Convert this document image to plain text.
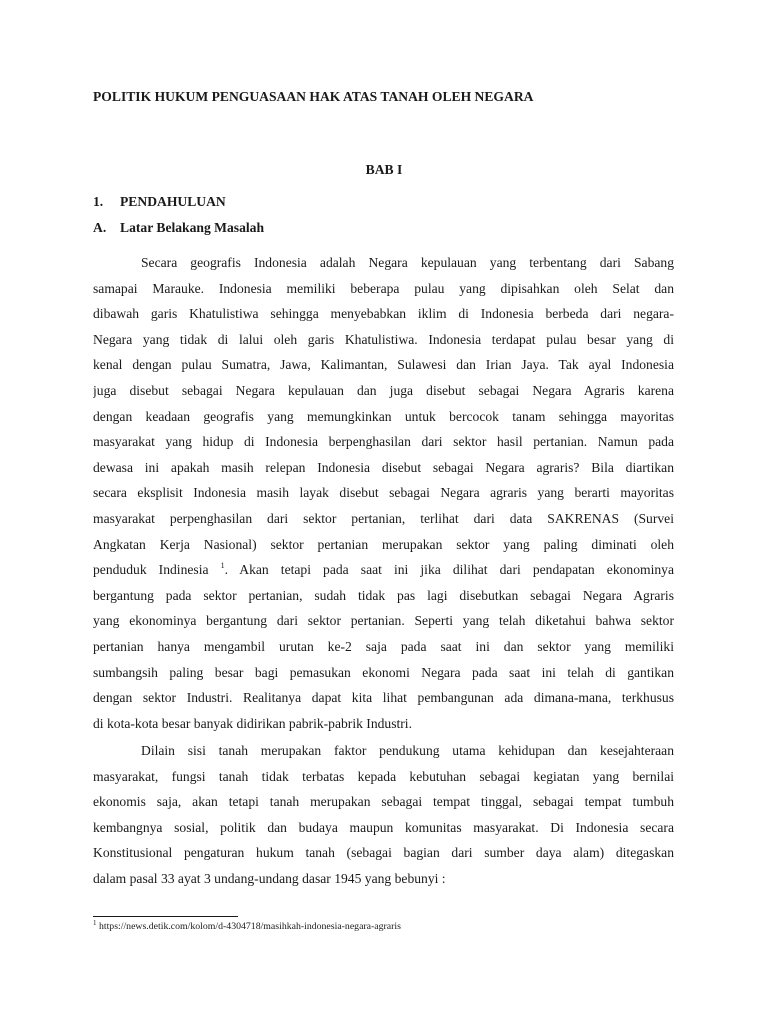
POLITIK HUKUM PENGUASAAN HAK ATAS TANAH OLEH NEGARA
BAB I
1. PENDAHULUAN
A. Latar Belakang Masalah
Secara geografis Indonesia adalah Negara kepulauan yang terbentang dari Sabang
samapai Marauke. Indonesia memiliki beberapa pulau yang dipisahkan oleh Selat dan
dibawah garis Khatulistiwa sehingga menyebabkan iklim di Indonesia berbeda dari negara-
Negara yang tidak di lalui oleh garis Khatulistiwa. Indonesia terdapat pulau besar yang di
kenal dengan pulau Sumatra, Jawa, Kalimantan, Sulawesi dan Irian Jaya. Tak ayal Indonesia
juga disebut sebagai Negara kepulauan dan juga disebut sebagai Negara Agraris karena
dengan keadaan geografis yang memungkinkan untuk bercocok tanam sehingga mayoritas
masyarakat yang hidup di Indonesia berpenghasilan dari sektor hasil pertanian. Namun pada
dewasa ini apakah masih relepan Indonesia disebut sebagai Negara agraris? Bila diartikan
secara eksplisit Indonesia masih layak disebut sebagai Negara agraris yang berarti mayoritas
masyarakat perpenghasilan dari sektor pertanian, terlihat dari data SAKRENAS (Survei
Angkatan Kerja Nasional) sektor pertanian merupakan sektor yang paling diminati oleh
penduduk Indinesia $^1$. Akan tetapi pada saat ini jika dilihat dari pendapatan ekonominya
bergantung pada sektor pertanian, sudah tidak pas lagi disebutkan sebagai Negara Agraris
yang ekonominya bergantung dari sektor pertanian. Seperti yang telah diketahui bahwa sektor
pertanian hanya mengambil urutan ke-2 saja pada saat ini dan sektor yang memiliki
sumbangsih paling besar bagi pemasukan ekonomi Negara pada saat ini telah di gantikan
dengan sektor Industri. Realitanya dapat kita lihat pembangunan ada dimana-mana, terkhusus
di kota-kota besar banyak didirikan pabrik-pabrik Industri.
Dilain sisi tanah merupakan faktor pendukung utama kehidupan dan kesejahteraan
masyarakat, fungsi tanah tidak terbatas kepada kebutuhan sebagai kegiatan yang bernilai
ekonomis saja, akan tetapi tanah merupakan sebagai tempat tinggal, sebagai tempat tumbuh
kembangnya sosial, politik dan budaya maupun komunitas masyarakat. Di Indonesia secara
Konstitusional pengaturan hukum tanah (sebagai bagian dari sumber daya alam) ditegaskan
dalam pasal 33 ayat 3 undang-undang dasar 1945 yang bebunyi :
$^1$ https://news.detik.com/kolom/d-4304718/masihkah-indonesia-negara-agraris
